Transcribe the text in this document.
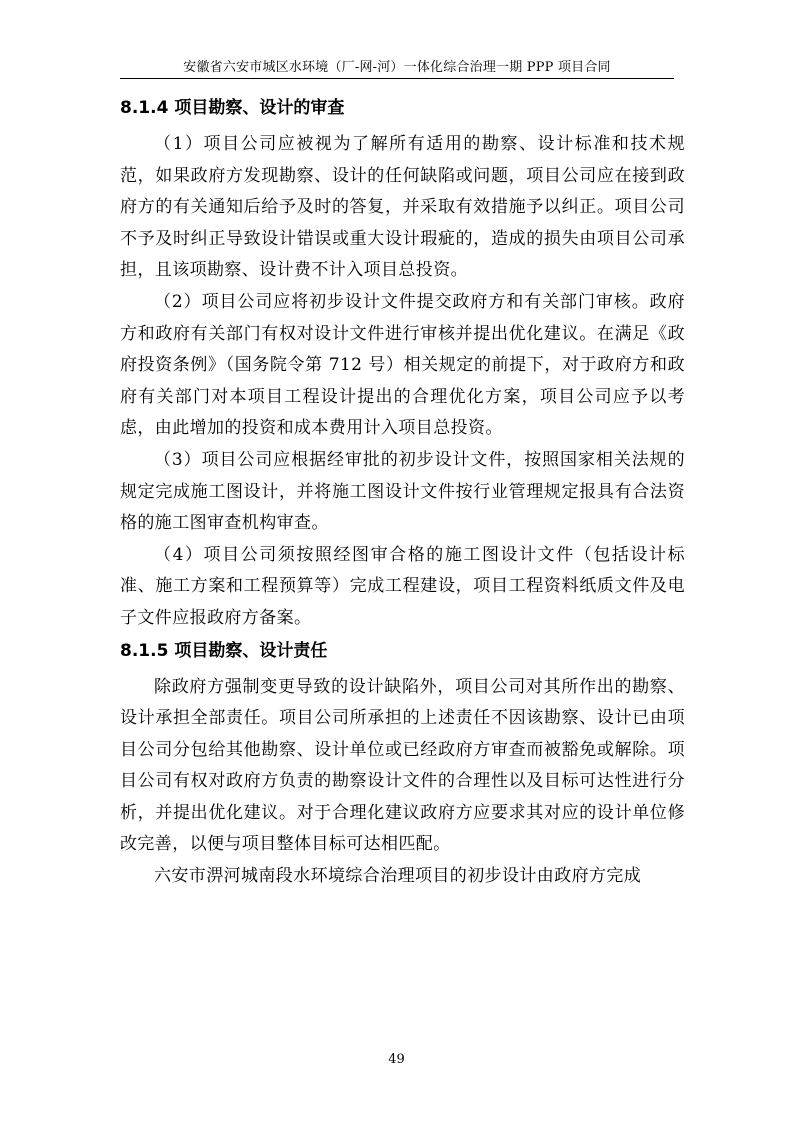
安徽省六安市城区水环境（厂-网-河）一体化综合治理一期 PPP 项目合同
8.1.4 项目勘察、设计的审查

（1）项目公司应被视为了解所有适用的勘察、设计标准和技术规范，如果政府方发现勘察、设计的任何缺陷或问题，项目公司应在接到政府方的有关通知后给予及时的答复，并采取有效措施予以纠正。项目公司不予及时纠正导致设计错误或重大设计瑕疵的，造成的损失由项目公司承担，且该项勘察、设计费不计入项目总投资。

（2）项目公司应将初步设计文件提交政府方和有关部门审核。政府方和政府有关部门有权对设计文件进行审核并提出优化建议。在满足《政府投资条例》（国务院令第 712 号）相关规定的前提下，对于政府方和政府有关部门对本项目工程设计提出的合理优化方案，项目公司应予以考虑，由此增加的投资和成本费用计入项目总投资。

（3）项目公司应根据经审批的初步设计文件，按照国家相关法规的规定完成施工图设计，并将施工图设计文件按行业管理规定报具有合法资格的施工图审查机构审查。

（4）项目公司须按照经图审合格的施工图设计文件（包括设计标准、施工方案和工程预算等）完成工程建设，项目工程资料纸质文件及电子文件应报政府方备案。

8.1.5 项目勘察、设计责任

除政府方强制变更导致的设计缺陷外，项目公司对其所作出的勘察、设计承担全部责任。项目公司所承担的上述责任不因该勘察、设计已由项目公司分包给其他勘察、设计单位或已经政府方审查而被豁免或解除。项目公司有权对政府方负责的勘察设计文件的合理性以及目标可达性进行分析，并提出优化建议。对于合理化建议政府方应要求其对应的设计单位修改完善，以便与项目整体目标可达相匹配。

六安市淠河城南段水环境综合治理项目的初步设计由政府方完成

49
